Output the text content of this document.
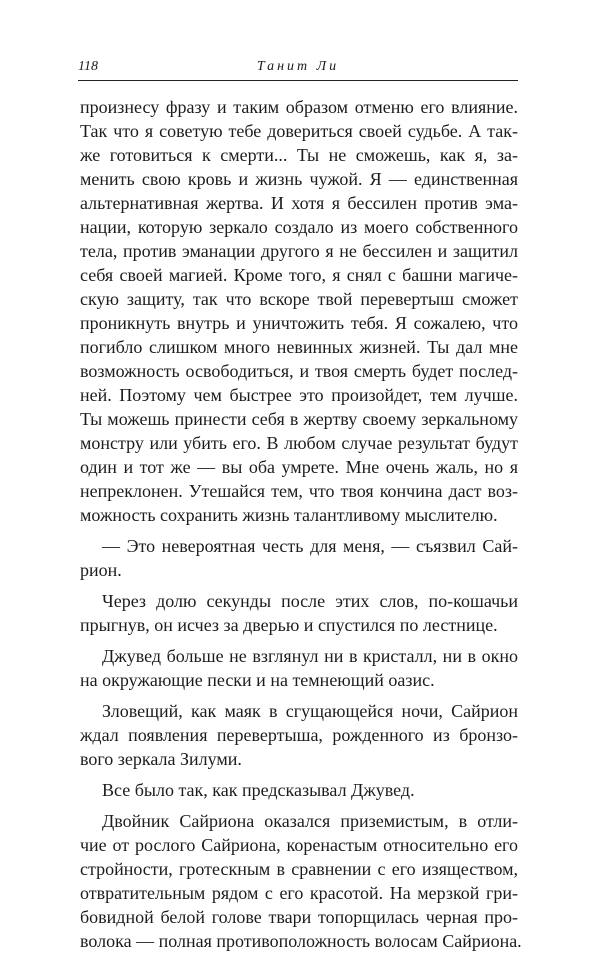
118	Танит Ли

произнесу фразу и таким образом отменю его влияние.
Так что я советую тебе довериться своей судьбе. А так-
же готовиться к смерти... Ты не сможешь, как я, за-
менить свою кровь и жизнь чужой. Я — единственная
альтернативная жертва. И хотя я бессилен против эма-
нации, которую зеркало создало из моего собственного
тела, против эманации другого я не бессилен и защитил
себя своей магией. Кроме того, я снял с башни магиче-
скую защиту, так что вскоре твой перевертыш сможет
проникнуть внутрь и уничтожить тебя. Я сожалею, что
погибло слишком много невинных жизней. Ты дал мне
возможность освободиться, и твоя смерть будет послед-
ней. Поэтому чем быстрее это произойдет, тем лучше.
Ты можешь принести себя в жертву своему зеркальному
монстру или убить его. В любом случае результат будут
один и тот же — вы оба умрете. Мне очень жаль, но я
непреклонен. Утешайся тем, что твоя кончина даст воз-
можность сохранить жизнь талантливому мыслителю.

— Это невероятная честь для меня, — съязвил Сай-
рион.

Через долю секунды после этих слов, по-кошачьи
прыгнув, он исчез за дверью и спустился по лестнице.

Джувед больше не взглянул ни в кристалл, ни в окно
на окружающие пески и на темнеющий оазис.

Зловещий, как маяк в сгущающейся ночи, Сайрион
ждал появления перевертыша, рожденного из бронзо-
вого зеркала Зилуми.

Все было так, как предсказывал Джувед.

Двойник Сайриона оказался приземистым, в отли-
чие от рослого Сайриона, коренастым относительно его
стройности, гротескным в сравнении с его изяществом,
отвратительным рядом с его красотой. На мерзкой гри-
бовидной белой голове твари топорщилась черная про-
волока — полная противоположность волосам Сайриона.
